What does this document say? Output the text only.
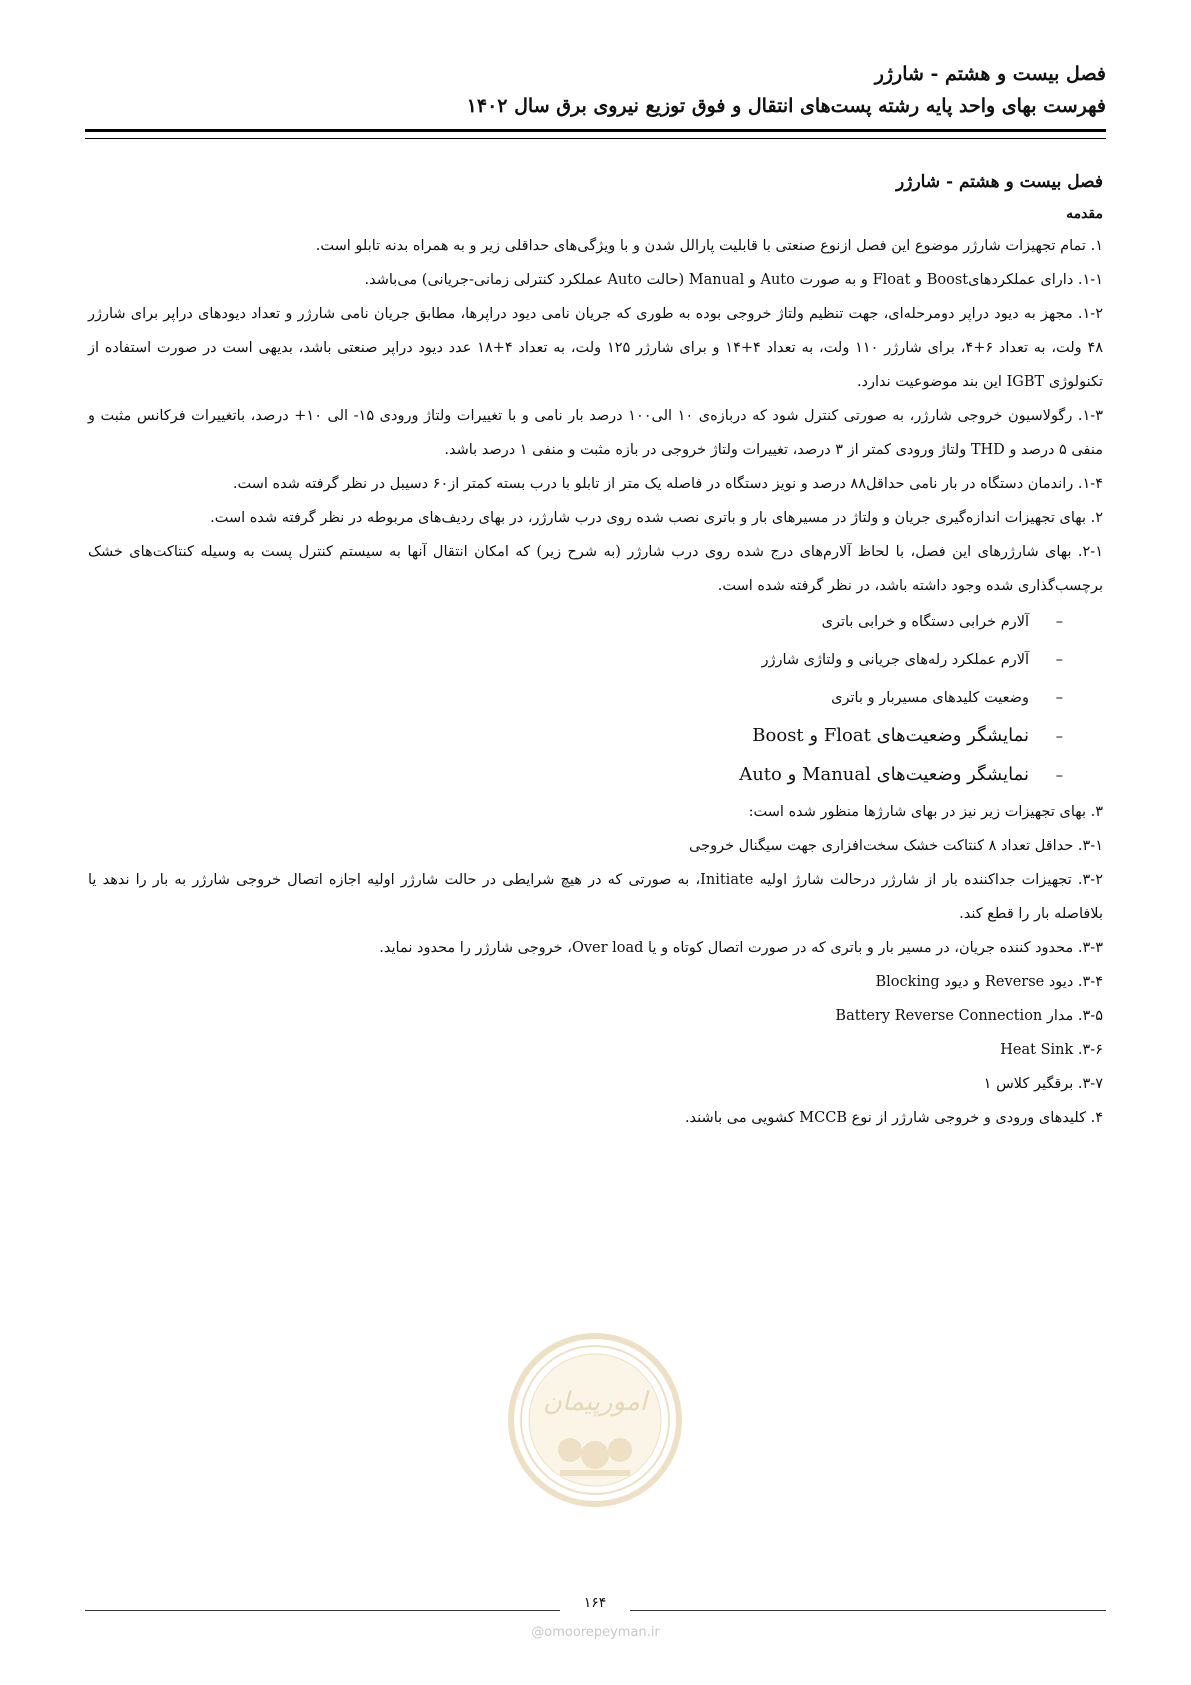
فصل بیست و هشتم - شارژر
فهرست بهای واحد پایه رشته پست‌های انتقال و فوق توزیع نیروی برق سال ۱۴۰۲

فصل بیست و هشتم - شارژر

مقدمه

۱. تمام تجهیزات شارژر موضوع این فصل ازنوع صنعتی با قابلیت پارالل شدن و با ویژگی‌های حداقلی زیر و به همراه بدنه تابلو است.

۱-۱. دارای عملکردهایBoost و Float و به صورت Auto و Manual (حالت Auto عملکرد کنترلی زمانی-جریانی) می‌باشد.

۱-۲. مجهز به دیود دراپر دومرحله‌ای، جهت تنظیم ولتاژ خروجی بوده به طوری که جریان نامی دیود دراپرها، مطابق جریان نامی شارژر و تعداد دیودهای دراپر برای شارژر ۴۸ ولت، به تعداد ۶+۴، برای شارژر ۱۱۰ ولت، به تعداد ۴+۱۴ و برای شارژر ۱۲۵ ولت، به تعداد ۴+۱۸ عدد دیود دراپر صنعتی باشد، بدیهی است در صورت استفاده از تکنولوژی IGBT این بند موضوعیت ندارد.

۱-۳. رگولاسیون خروجی شارژر، به صورتی کنترل شود که دربازه‌ی ۱۰ الی۱۰۰ درصد بار نامی و با تغییرات ولتاژ ورودی ۱۵- الی ۱۰+ درصد، باتغییرات فرکانس مثبت و منفی ۵ درصد و THD ولتاژ ورودی کمتر از ۳ درصد، تغییرات ولتاژ خروجی در بازه مثبت و منفی ۱ درصد باشد.

۱-۴. راندمان دستگاه در بار نامی حداقل۸۸ درصد و نویز دستگاه در فاصله یک متر از تابلو با درب بسته کمتر از۶۰ دسیبل در نظر گرفته شده است.

۲. بهای تجهیزات اندازه‌گیری جریان و ولتاژ در مسیرهای بار و باتری نصب شده روی درب شارژر، در بهای ردیف‌های مربوطه در نظر گرفته شده است.

۲-۱. بهای شارژرهای این فصل، با لحاظ آلارم‌های درج شده روی درب شارژر (به شرح زیر) که امکان انتقال آنها به سیستم کنترل پست به وسیله کنتاکت‌های خشک برچسب‌گذاری شده وجود داشته باشد، در نظر گرفته شده است.

–آلارم خرابی دستگاه و خرابی باتری
–آلارم عملکرد رله‌های جریانی و ولتاژی شارژر
–وضعیت کلیدهای مسیربار و باتری
–نمایشگر وضعیت‌های Float و Boost
–نمایشگر وضعیت‌های Manual و Auto

۳. بهای تجهیزات زیر نیز در بهای شارژها منظور شده است:

۳-۱. حداقل تعداد ۸ کنتاکت خشک سخت‌افزاری جهت سیگنال خروجی

۳-۲. تجهیزات جداکننده بار از شارژر درحالت شارژ اولیه Initiate، به صورتی که در هیچ شرایطی در حالت شارژر اولیه اجازه اتصال خروجی شارژر به بار را ندهد یا بلافاصله بار را قطع کند.

۳-۳. محدود کننده جریان، در مسیر بار و باتری که در صورت اتصال کوتاه و یا Over load، خروجی شارژر را محدود نماید.

۳-۴. دیود Reverse و دیود Blocking

۳-۵. مدار Battery Reverse Connection

۳-۶. Heat Sink

۳-۷. برقگیر کلاس ۱

۴. کلیدهای ورودی و خروجی شارژر از نوع MCCB کشویی می باشند.

امورپیمان
۱۶۴
@omoorepeyman.ir
